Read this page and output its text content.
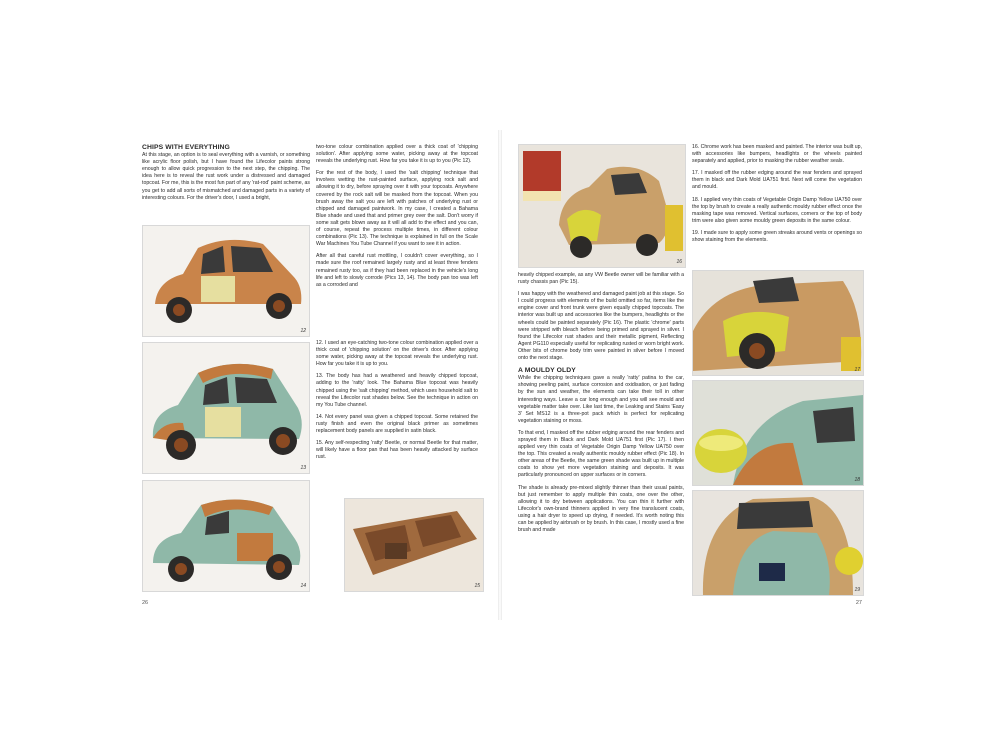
CHIPS WITH EVERYTHING

At this stage, an option is to seal everything with a varnish, or something like acrylic floor polish, but I have found the Lifecolor paints strong enough to allow quick progression to the next step, the chipping. The idea here is to reveal the rust work under a distressed and damaged topcoat. For me, this is the most fun part of any 'rat-rod' paint scheme, as you get to add all sorts of mismatched and damaged parts in a variety of interesting colours. For the driver's door, I used a bright,

two-tone colour combination applied over a thick coat of 'chipping solution'. After applying some water, picking away at the topcoat reveals the underlying rust. How far you take it is up to you (Pic 12).

For the rest of the body, I used the 'salt chipping' technique that involves wetting the rust-painted surface, applying rock salt and allowing it to dry, before spraying over it with your topcoats. Anywhere covered by the rock salt will be masked from the topcoat. When you brush away the salt you are left with patches of underlying rust or chipped and damaged paintwork. In my case, I created a Bahama Blue shade and used that and primer grey over the salt. Don't worry if some salt gets blown away as it will all add to the effect and you can, of course, repeat the process multiple times, in different colour combinations (Pic 13). The technique is explained in full on the Scale War Machines You Tube Channel if you want to see it in action.

After all that careful rust mottling, I couldn't cover everything, so I made sure the roof remained largely rusty and at least three fenders remained rusty too, as if they had been replaced in the vehicle's long life and left to slowly corrode (Pics 13, 14). The body pan too was left as a corroded and

12
13
14

12. I used an eye-catching two-tone colour combination applied over a thick coat of 'chipping solution' on the driver's door. After applying some water, picking away at the topcoat reveals the underlying rust. How far you take it is up to you.

13. The body has had a weathered and heavily chipped topcoat, adding to the 'ratty' look. The Bahama Blue topcoat was heavily chipped using the 'salt chipping' method, which uses household salt to reveal the Lifecolor rust shades below. See the technique in action on my You Tube channel.

14. Not every panel was given a chipped topcoat. Some retained the rusty finish and even the original black primer as sometimes replacement body panels are supplied in satin black.

15. Any self-respecting 'ratty' Beetle, or normal Beetle for that matter, will likely have a floor pan that has been heavily attacked by surface rust.

15
26
16

heavily chipped example, as any VW Beetle owner will be familiar with a rusty chassis pan (Pic 15).

I was happy with the weathered and damaged paint job at this stage. So I could progress with elements of the build omitted so far, items like the engine cover and front trunk were given equally chipped topcoats. The interior was built up and accessories like the bumpers, headlights or the wheels could be painted separately (Pic 16). The plastic 'chrome' parts were stripped with bleach before being primed and sprayed in silver. I found the Lifecolor rust shades and their metallic pigment, Reflecting Agent PG110 especially useful for replicating rusted or worn bright work. Other bits of chrome body trim were painted in silver before I moved onto the next stage.

A MOULDY OLDY

While the chipping techniques gave a really 'ratty' patina to the car, showing peeling paint, surface corrosion and oxidisation, or just fading by the sun and weather, the elements can take their toll in other interesting ways. Leave a car long enough and you will see mould and vegetable matter take over. Like last time, the Leaking and Stains 'Easy 3' Set MS12 is a three-pot pack which is perfect for replicating vegetation staining or moss.

To that end, I masked off the rubber edging around the rear fenders and sprayed them in Black and Dark Mold UA751 first (Pic 17). I then applied very thin coats of Vegetable Origin Damp Yellow UA750 over the top. This created a really authentic mouldy rubber effect (Pic 18). In other areas of the Beetle, the same green shade was built up in multiple coats to show yet more vegetation staining and deposits. It was particularly pronounced on upper surfaces or in corners.

The shade is already pre-mixed slightly thinner than their usual paints, but just remember to apply multiple thin coats, one over the other, allowing it to dry between applications. You can thin it further with Lifecolor's own-brand thinners applied in very fine translucent coats, using a hair dryer to speed up drying, if needed. It's worth noting this can be applied by airbrush or by brush. In this case, I mostly used a fine brush and made

16. Chrome work has been masked and painted. The interior was built up, with accessories like bumpers, headlights or the wheels painted separately and applied, prior to masking the rubber weather seals.

17. I masked off the rubber edging around the rear fenders and sprayed them in black and Dark Mold UA751 first. Next will come the vegetation and mould.

18. I applied very thin coats of Vegetable Origin Damp Yellow UA750 over the top by brush to create a really authentic mouldy rubber effect once the masking tape was removed. Vertical surfaces, corners or the top of body trim were also given some mouldy green deposits in the same colour.

19. I made sure to apply some green streaks around vents or openings so show staining from the elements.

17
18
19
27
